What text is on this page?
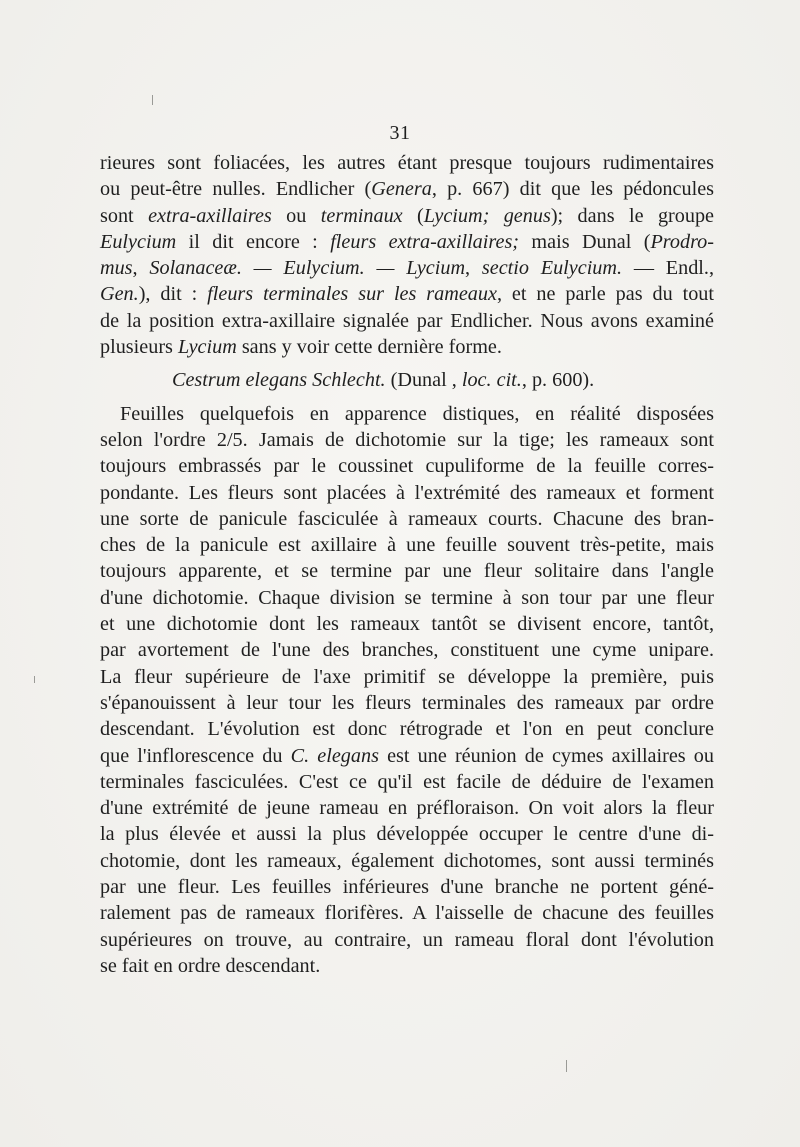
31
rieures sont foliacées, les autres étant presque toujours rudimentaires
ou peut-être nulles. Endlicher (Genera, p. 667) dit que les pédoncules
sont extra-axillaires ou terminaux (Lycium; genus); dans le groupe
Eulycium il dit encore : fleurs extra-axillaires; mais Dunal (Prodro-
mus, Solanaceæ. — Eulycium. — Lycium, sectio Eulycium. — Endl.,
Gen.), dit : fleurs terminales sur les rameaux, et ne parle pas du tout
de la position extra-axillaire signalée par Endlicher. Nous avons examiné
plusieurs Lycium sans y voir cette dernière forme.
Cestrum elegans Schlecht. (Dunal , loc. cit., p. 600).
Feuilles quelquefois en apparence distiques, en réalité disposées
selon l'ordre 2/5. Jamais de dichotomie sur la tige; les rameaux sont
toujours embrassés par le coussinet cupuliforme de la feuille corres-
pondante. Les fleurs sont placées à l'extrémité des rameaux et forment
une sorte de panicule fasciculée à rameaux courts. Chacune des bran-
ches de la panicule est axillaire à une feuille souvent très-petite, mais
toujours apparente, et se termine par une fleur solitaire dans l'angle
d'une dichotomie. Chaque division se termine à son tour par une fleur
et une dichotomie dont les rameaux tantôt se divisent encore, tantôt,
par avortement de l'une des branches, constituent une cyme unipare.
La fleur supérieure de l'axe primitif se développe la première, puis
s'épanouissent à leur tour les fleurs terminales des rameaux par ordre
descendant. L'évolution est donc rétrograde et l'on en peut conclure
que l'inflorescence du C. elegans est une réunion de cymes axillaires ou
terminales fasciculées. C'est ce qu'il est facile de déduire de l'examen
d'une extrémité de jeune rameau en préfloraison. On voit alors la fleur
la plus élevée et aussi la plus développée occuper le centre d'une di-
chotomie, dont les rameaux, également dichotomes, sont aussi terminés
par une fleur. Les feuilles inférieures d'une branche ne portent géné-
ralement pas de rameaux florifères. A l'aisselle de chacune des feuilles
supérieures on trouve, au contraire, un rameau floral dont l'évolution
se fait en ordre descendant.
